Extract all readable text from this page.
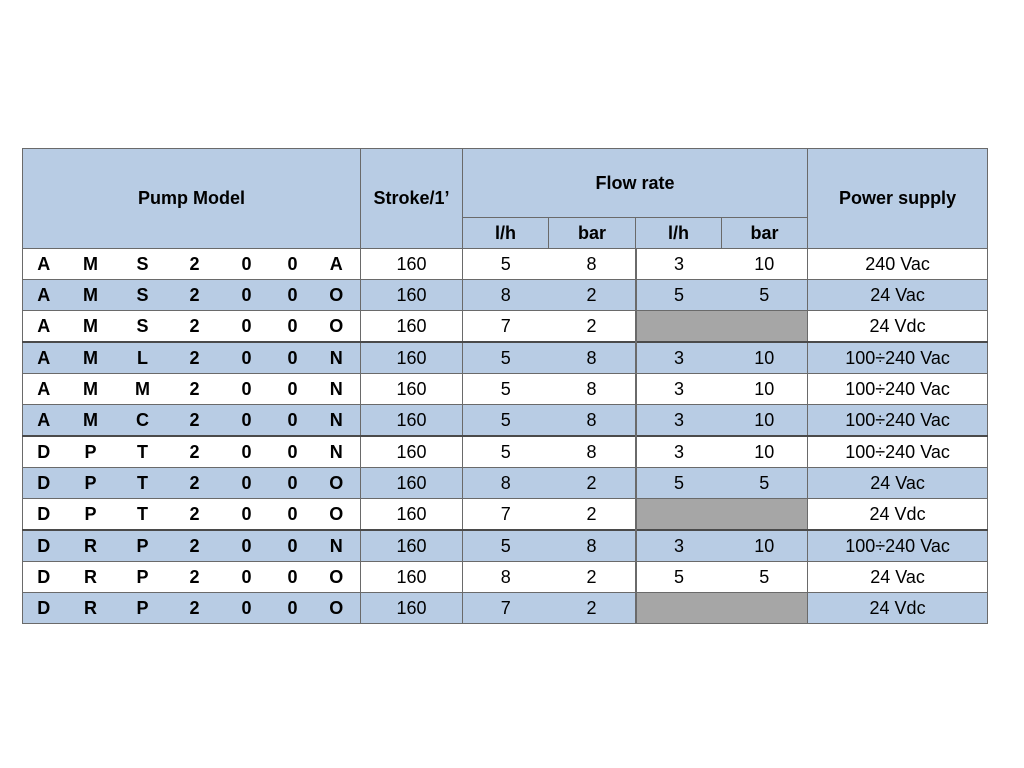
Pump Model							Stroke/1’	Flow rate				Power supply
								l/h	bar	l/h	bar	
A	M	S	2	0	0	A	160	5	8	3	10	240 Vac
A	M	S	2	0	0	O	160	8	2	5	5	24 Vac
A	M	S	2	0	0	O	160	7	2			24 Vdc
A	M	L	2	0	0	N	160	5	8	3	10	100÷240 Vac
A	M	M	2	0	0	N	160	5	8	3	10	100÷240 Vac
A	M	C	2	0	0	N	160	5	8	3	10	100÷240 Vac
D	P	T	2	0	0	N	160	5	8	3	10	100÷240 Vac
D	P	T	2	0	0	O	160	8	2	5	5	24 Vac
D	P	T	2	0	0	O	160	7	2			24 Vdc
D	R	P	2	0	0	N	160	5	8	3	10	100÷240 Vac
D	R	P	2	0	0	O	160	8	2	5	5	24 Vac
D	R	P	2	0	0	O	160	7	2			24 Vdc
